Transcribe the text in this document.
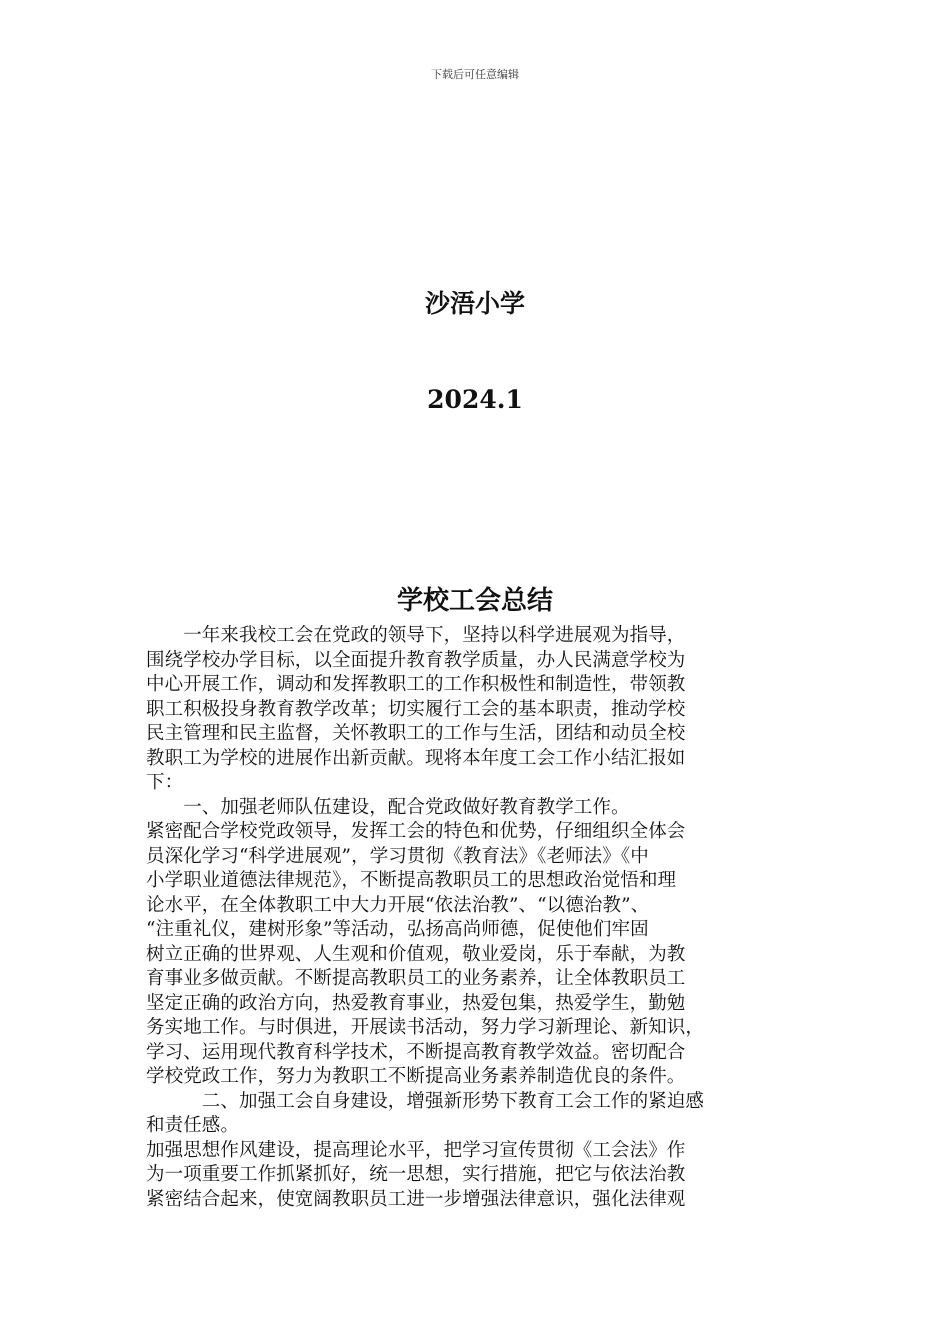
下载后可任意编辑
沙浯小学
2024.1
学校工会总结
　　一年来我校工会在党政的领导下，坚持以科学进展观为指导，
围绕学校办学目标，以全面提升教育教学质量，办人民满意学校为
中心开展工作，调动和发挥教职工的工作积极性和制造性，带领教
职工积极投身教育教学改革；切实履行工会的基本职责，推动学校
民主管理和民主监督，关怀教职工的工作与生活，团结和动员全校
教职工为学校的进展作出新贡献。现将本年度工会工作小结汇报如
下：
　　一、加强老师队伍建设，配合党政做好教育教学工作。
紧密配合学校党政领导，发挥工会的特色和优势，仔细组织全体会
员深化学习“科学进展观”，学习贯彻《教育法》《老师法》《中
小学职业道德法律规范》，不断提高教职员工的思想政治觉悟和理
论水平，在全体教职工中大力开展“依法治教”、“以德治教”、
“注重礼仪，建树形象”等活动，弘扬高尚师德，促使他们牢固
树立正确的世界观、人生观和价值观，敬业爱岗，乐于奉献，为教
育事业多做贡献。不断提高教职员工的业务素养，让全体教职员工
坚定正确的政治方向，热爱教育事业，热爱包集，热爱学生，勤勉
务实地工作。与时俱进，开展读书活动，努力学习新理论、新知识，
学习、运用现代教育科学技术，不断提高教育教学效益。密切配合
学校党政工作，努力为教职工不断提高业务素养制造优良的条件。
　　　二、加强工会自身建设，增强新形势下教育工会工作的紧迫感
和责任感。
加强思想作风建设，提高理论水平，把学习宣传贯彻《工会法》作
为一项重要工作抓紧抓好，统一思想，实行措施，把它与依法治教
紧密结合起来，使宽阔教职员工进一步增强法律意识，强化法律观
